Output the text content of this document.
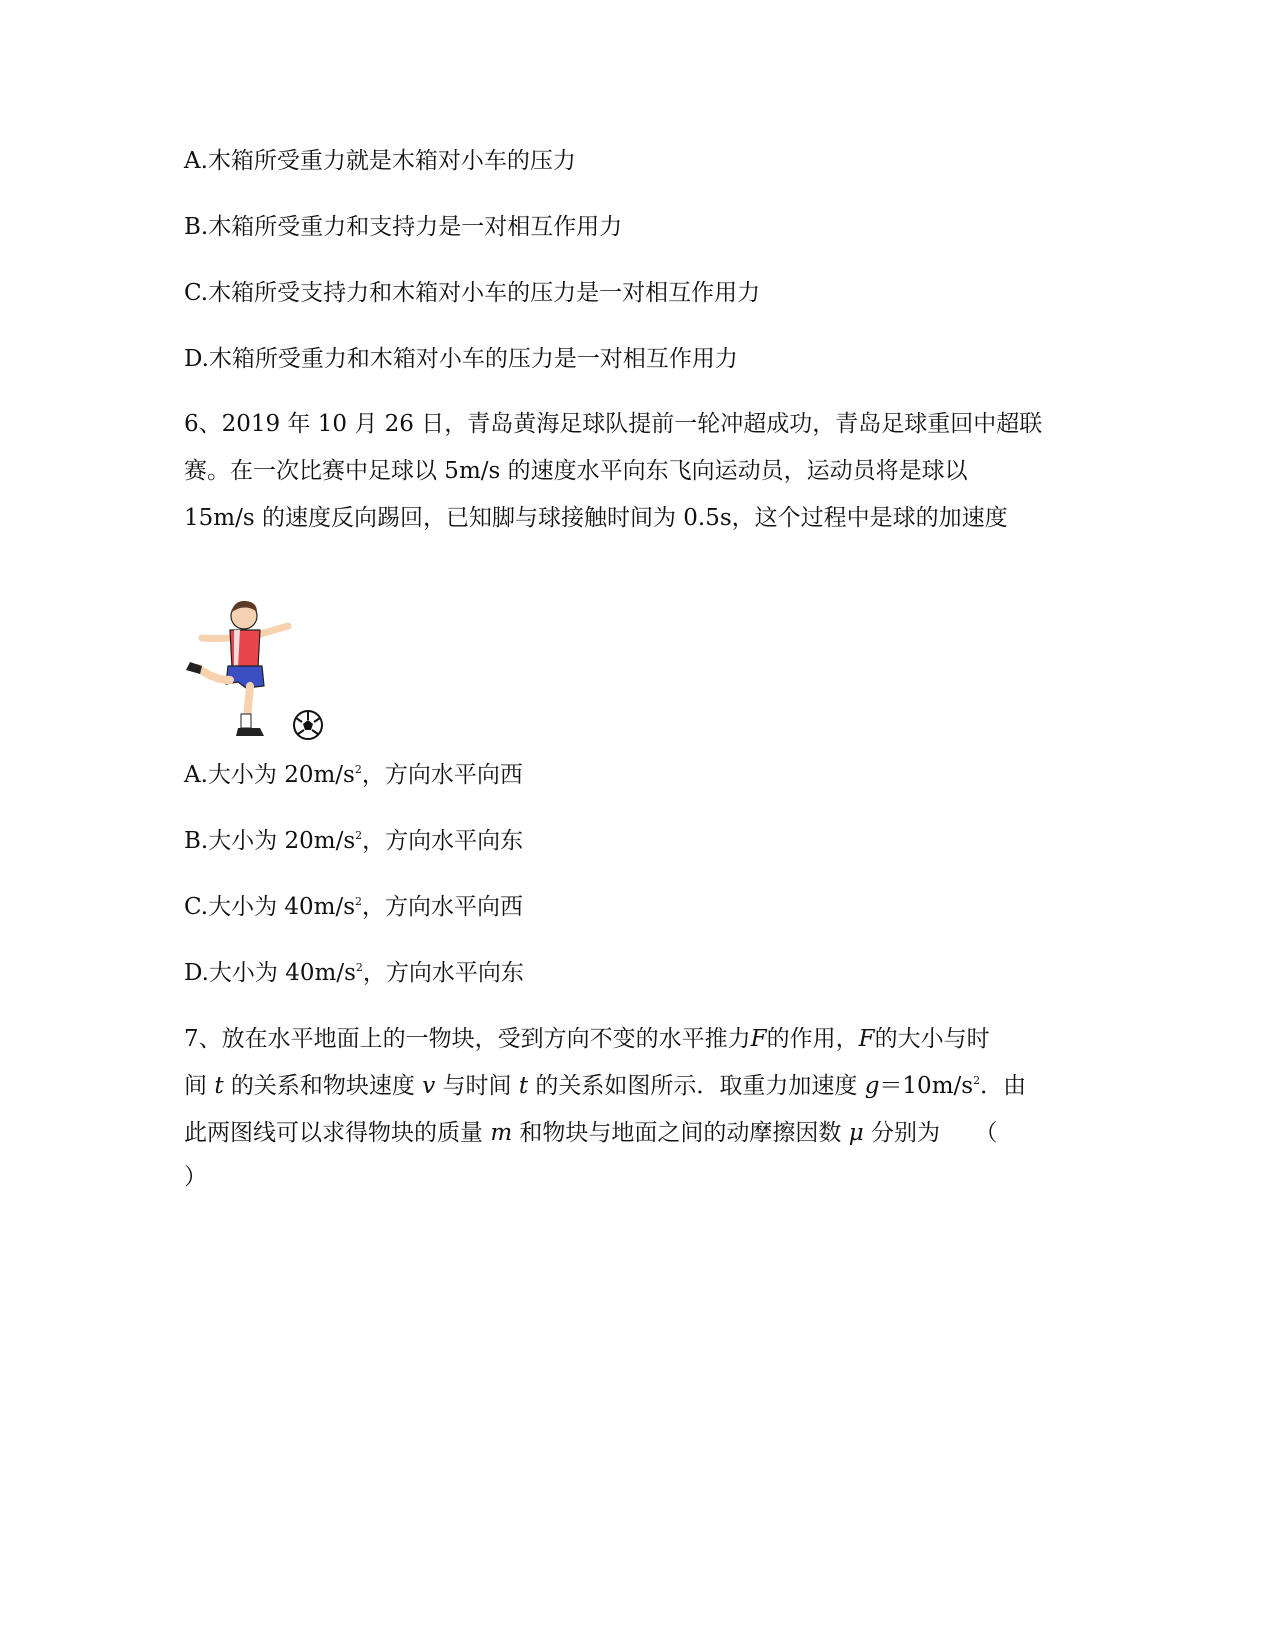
A.木箱所受重力就是木箱对小车的压力
B.木箱所受重力和支持力是一对相互作用力
C.木箱所受支持力和木箱对小车的压力是一对相互作用力
D.木箱所受重力和木箱对小车的压力是一对相互作用力
6、2019 年 10 月 26 日，青岛黄海足球队提前一轮冲超成功，青岛足球重回中超联
赛。在一次比赛中足球以 5m/s 的速度水平向东飞向运动员，运动员将是球以
15m/s 的速度反向踢回，已知脚与球接触时间为 0.5s，这个过程中是球的加速度
A.大小为 $20m/s^2$，方向水平向西
B.大小为 $20m/s^2$，方向水平向东
C.大小为 $40m/s^2$，方向水平向西
D.大小为 $40m/s^2$，方向水平向东
7、放在水平地面上的一物块，受到方向不变的水平推力F的作用，F的大小与时
间 t 的关系和物块速度 v 与时间 t 的关系如图所示．取重力加速度 $g=10m/s^2$．由
此两图线可以求得物块的质量 m 和物块与地面之间的动摩擦因数 μ 分别为　　（
）
